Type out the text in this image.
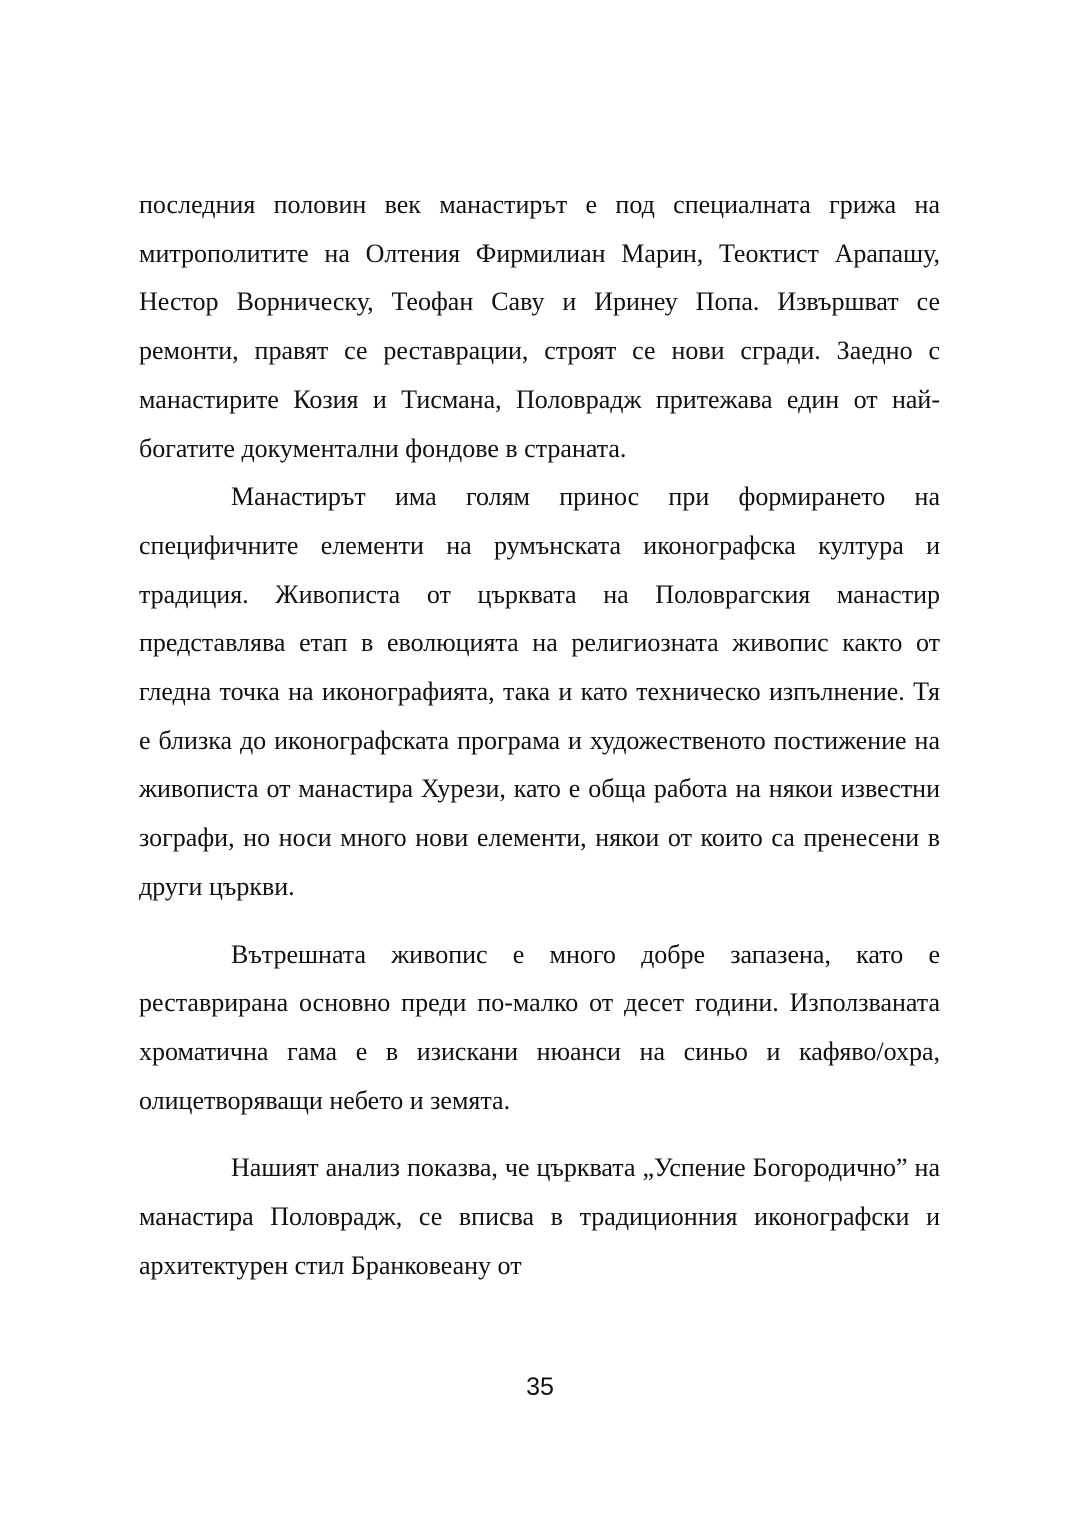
последния половин век манастирът е под специалната грижа на митрополитите на Олтения Фирмилиан Марин, Теоктист Арапашу, Нестор Ворническу, Теофан Саву и Иринеу Попа. Извършват се ремонти, правят се реставрации, строят се нови сгради. Заедно с манастирите Козия и Тисмана, Половрадж притежава един от най-богатите документални фондове в страната.

Манастирът има голям принос при формирането на специфичните елементи на румънската иконографска култура и традиция. Живописта от църквата на Половрагския манастир представлява етап в еволюцията на религиозната живопис както от гледна точка на иконографията, така и като техническо изпълнение. Тя е близка до иконографската програма и художественото постижение на живописта от манастира Хурези, като е обща работа на някои известни зографи, но носи много нови елементи, някои от които са пренесени в други църкви.

Вътрешната живопис е много добре запазена, като е реставрирана основно преди по-малко от десет години. Използваната хроматична гама е в изискани нюанси на синьо и кафяво/охра, олицетворяващи небето и земята.

Нашият анализ показва, че църквата „Успение Богородично” на манастира Половрадж, се вписва в традиционния иконографски и архитектурен стил Бранковеану от

35
